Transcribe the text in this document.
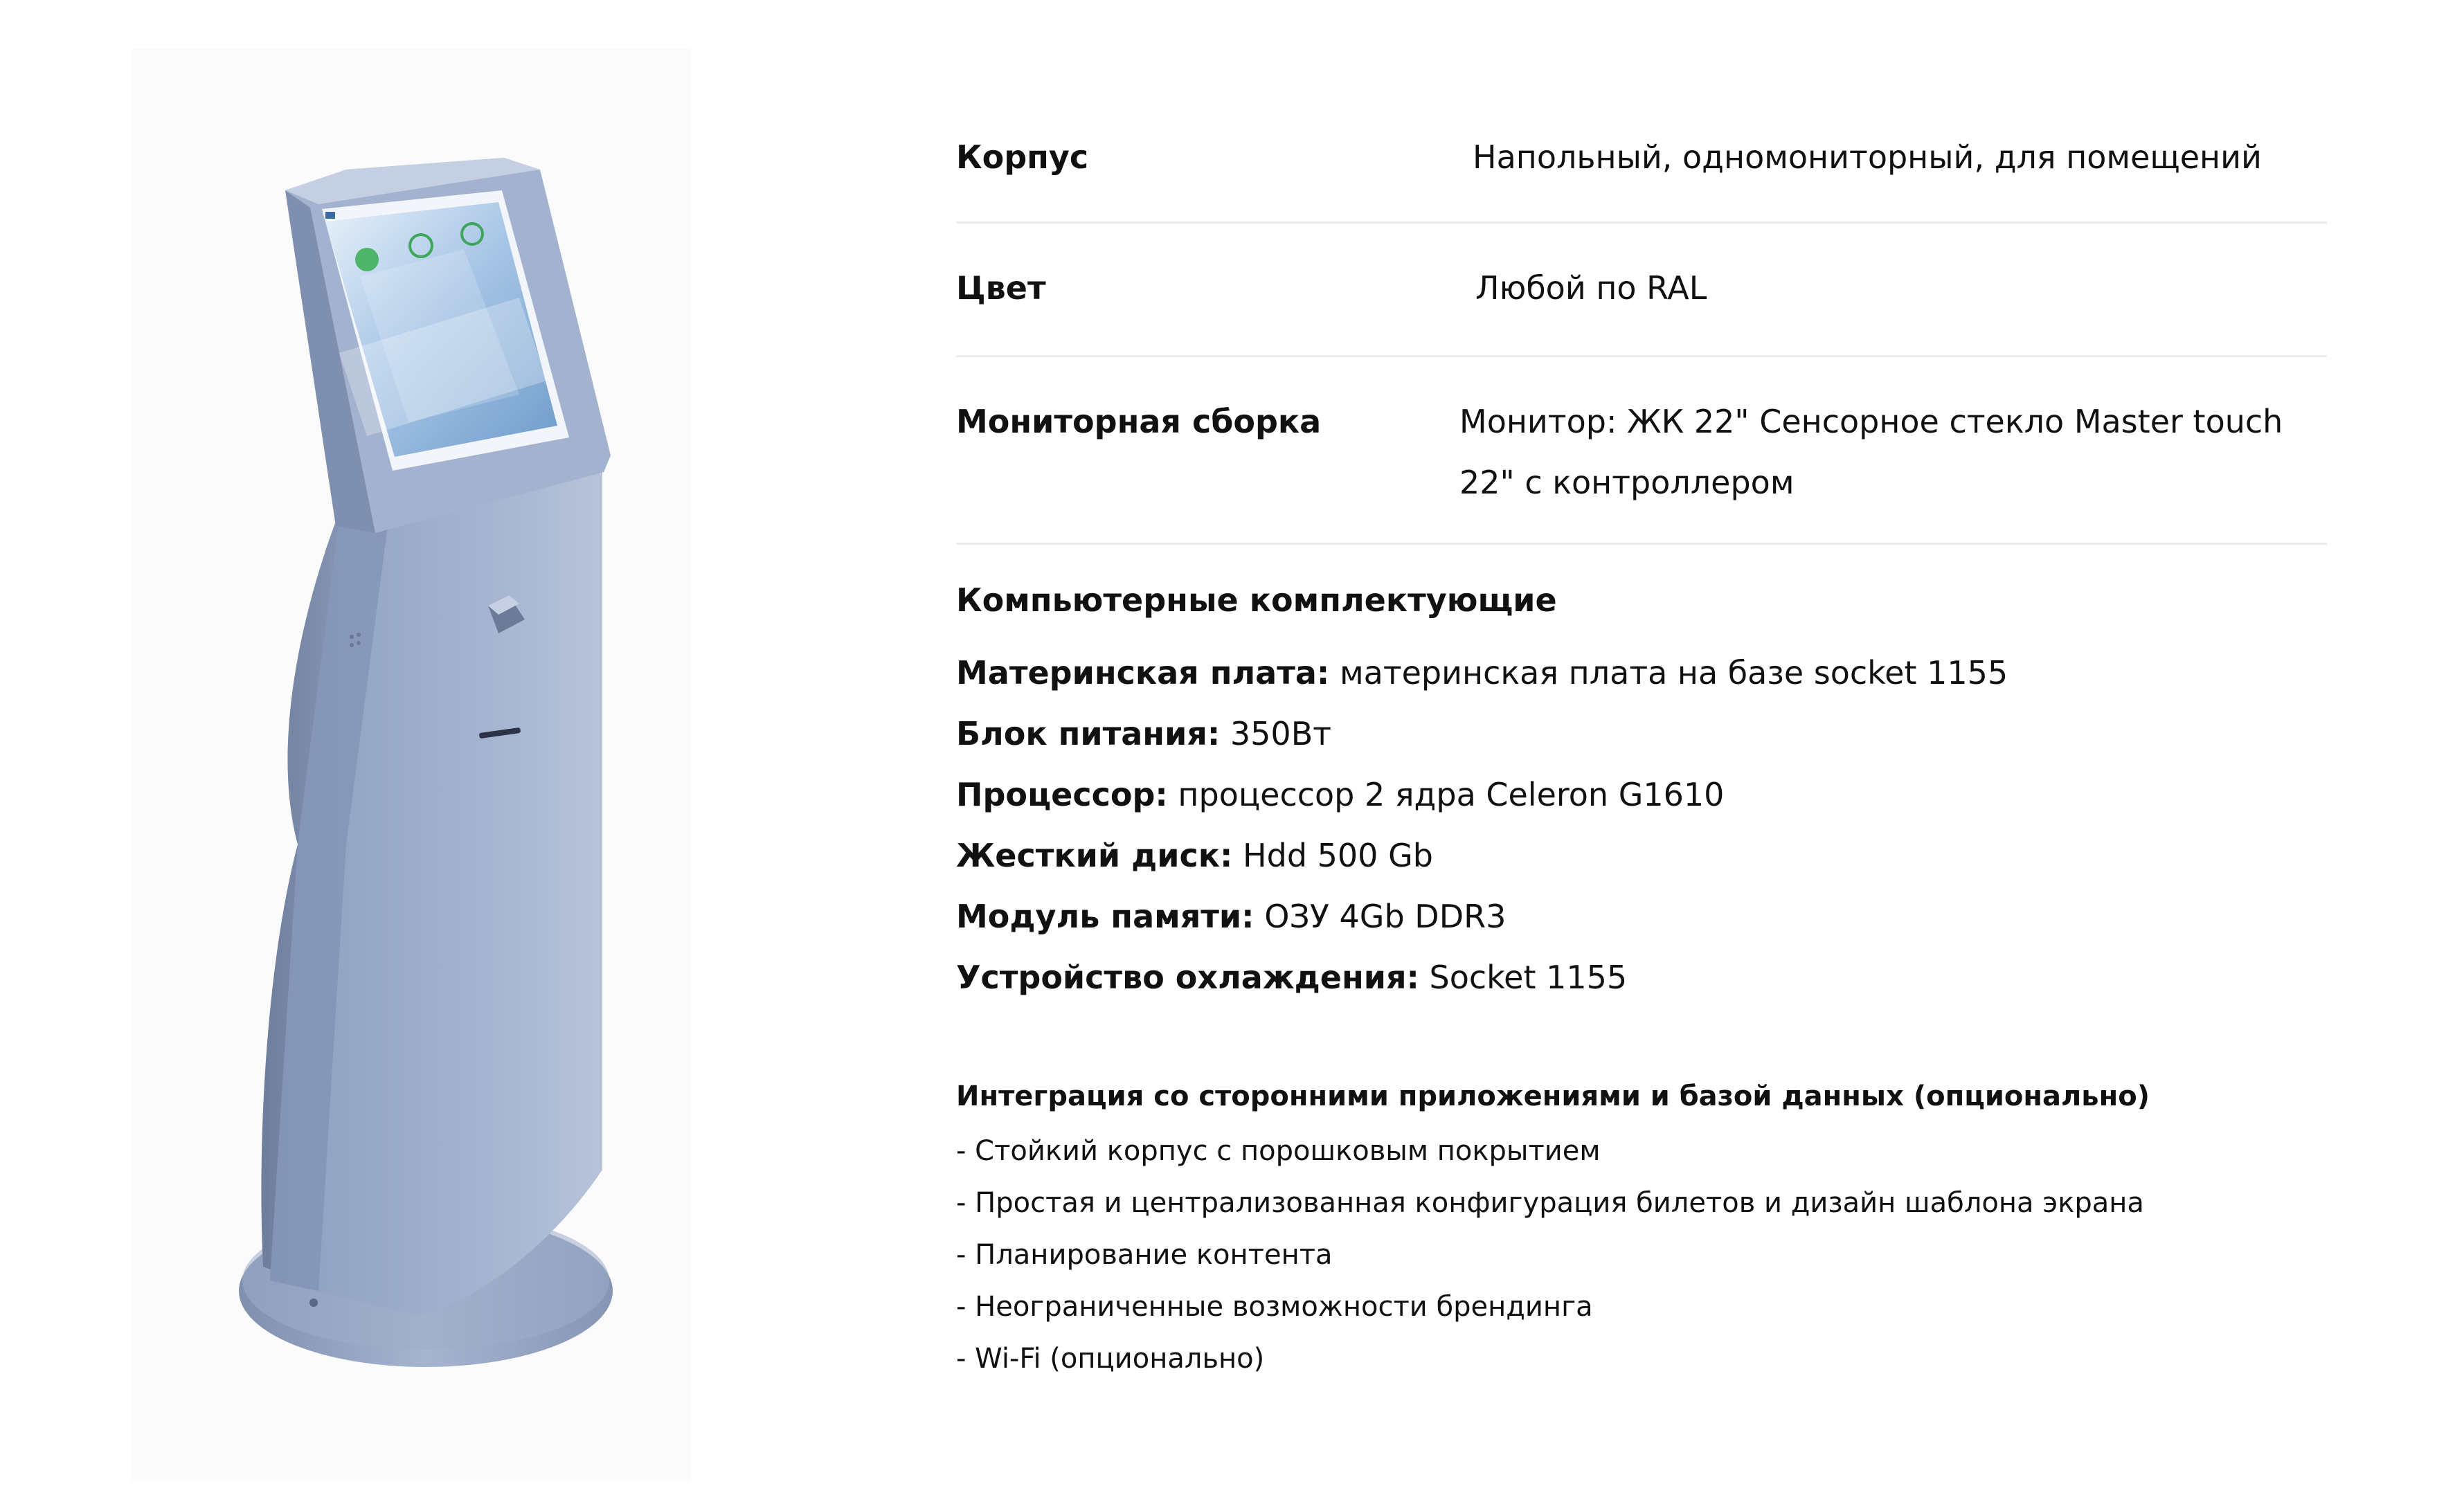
Корпус	Напольный, одномониторный, для помещений
Цвет	Любой по RAL
Мониторная сборка	Монитор: ЖК 22" Сенсорное стекло Master touch 22" с контроллером
Компьютерные комплектующие
Материнская плата: материнская плата на базе socket 1155
Блок питания: 350Вт
Процессор: процессор 2 ядра Celeron G1610
Жесткий диск: Hdd 500 Gb
Модуль памяти: ОЗУ 4Gb DDR3
Устройство охлаждения: Socket 1155
Интеграция со сторонними приложениями и базой данных (опционально)
- Стойкий корпус с порошковым покрытием
- Простая и централизованная конфигурация билетов и дизайн шаблона экрана
- Планирование контента
- Неограниченные возможности брендинга
- Wi-Fi (опционально)
